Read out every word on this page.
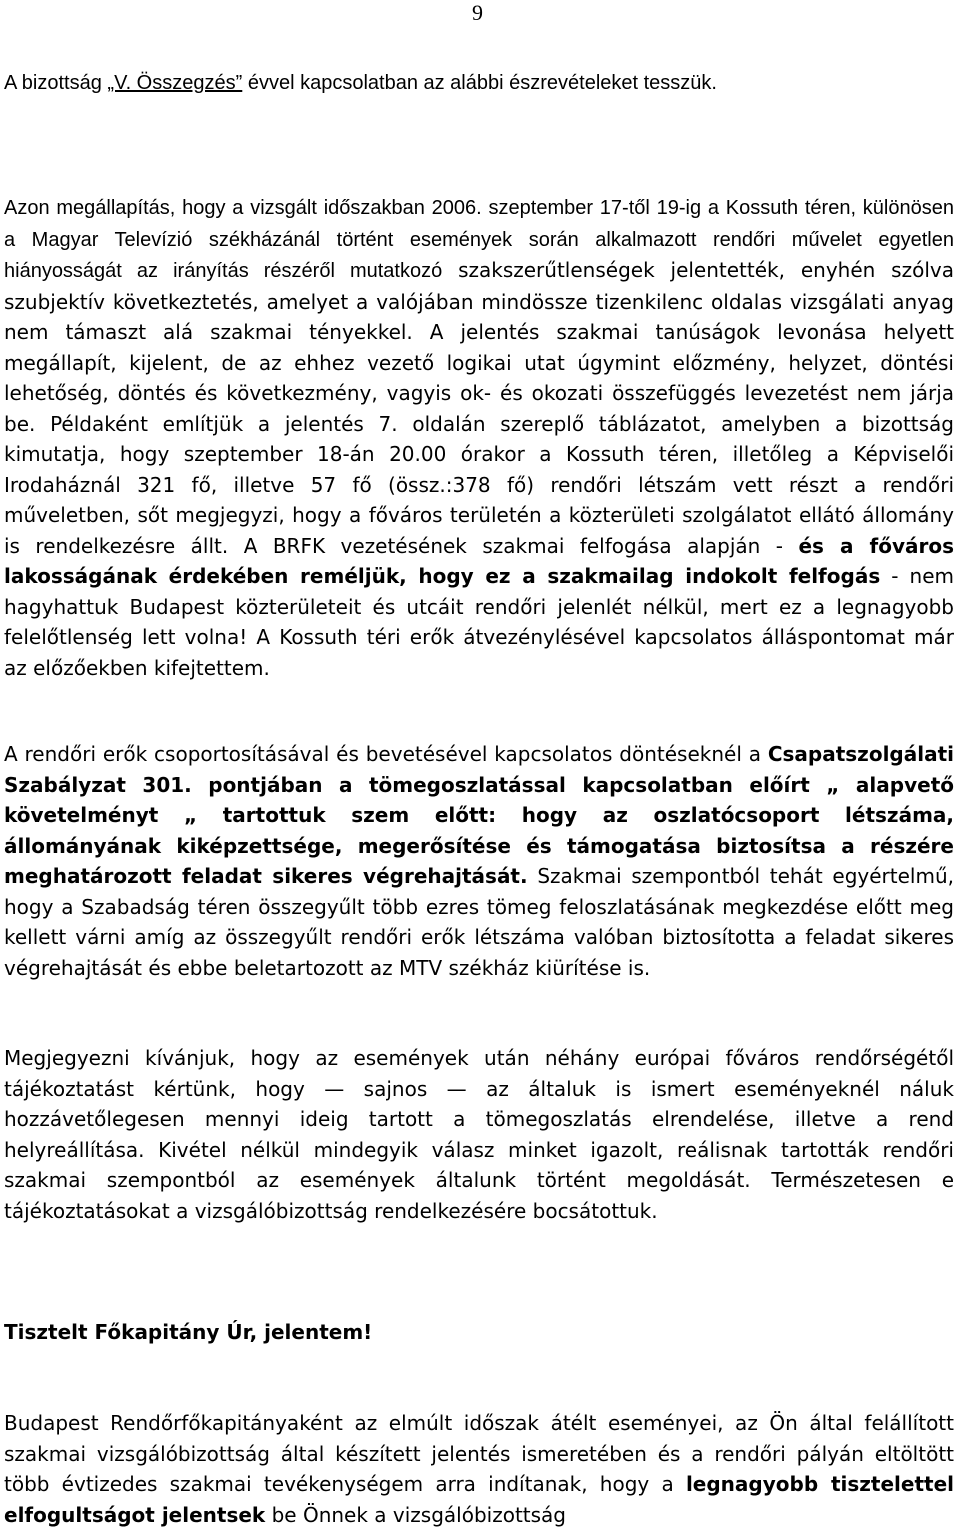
9

A bizottság „V. Összegzés” évvel kapcsolatban az alábbi észrevételeket tesszük.

Azon megállapítás, hogy a vizsgált időszakban 2006. szeptember 17-től 19-ig a Kossuth téren, különösen a Magyar Televízió székházánál történt események során alkalmazott rendőri művelet egyetlen hiányosságát az irányítás részéről mutatkozó szakszerűtlenségek jelentették, enyhén szólva szubjektív következtetés, amelyet a valójában mindössze tizenkilenc oldalas vizsgálati anyag nem támaszt alá szakmai tényekkel. A jelentés szakmai tanúságok levonása helyett megállapít, kijelent, de az ehhez vezető logikai utat úgymint előzmény, helyzet, döntési lehetőség, döntés és következmény, vagyis ok- és okozati összefüggés levezetést nem járja be. Példaként említjük a jelentés 7. oldalán szereplő táblázatot, amelyben a bizottság kimutatja, hogy szeptember 18-án 20.00 órakor a Kossuth téren, illetőleg a Képviselői Irodaháznál 321 fő, illetve 57 fő (össz.:378 fő) rendőri létszám vett részt a rendőri műveletben, sőt megjegyzi, hogy a főváros területén a közterületi szolgálatot ellátó állomány is rendelkezésre állt. A BRFK vezetésének szakmai felfogása alapján - és a főváros lakosságának érdekében reméljük, hogy ez a szakmailag indokolt felfogás - nem hagyhattuk Budapest közterületeit és utcáit rendőri jelenlét nélkül, mert ez a legnagyobb felelőtlenség lett volna! A Kossuth téri erők átvezénylésével kapcsolatos álláspontomat már az előzőekben kifejtettem.

A rendőri erők csoportosításával és bevetésével kapcsolatos döntéseknél a Csapatszolgálati Szabályzat 301. pontjában a tömegoszlatással kapcsolatban előírt „ alapvető követelményt „ tartottuk szem előtt: hogy az oszlatócsoport létszáma, állományának kiképzettsége, megerősítése és támogatása biztosítsa a részére meghatározott feladat sikeres végrehajtását. Szakmai szempontból tehát egyértelmű, hogy a Szabadság téren összegyűlt több ezres tömeg feloszlatásának megkezdése előtt meg kellett várni amíg az összegyűlt rendőri erők létszáma valóban biztosította a feladat sikeres végrehajtását és ebbe beletartozott az MTV székház kiürítése is.

Megjegyezni kívánjuk, hogy az események után néhány európai főváros rendőrségétől tájékoztatást kértünk, hogy — sajnos — az általuk is ismert eseményeknél náluk hozzávetőlegesen mennyi ideig tartott a tömegoszlatás elrendelése, illetve a rend helyreállítása. Kivétel nélkül mindegyik válasz minket igazolt, reálisnak tartották rendőri szakmai szempontból az események általunk történt megoldását. Természetesen e tájékoztatásokat a vizsgálóbizottság rendelkezésére bocsátottuk.

Tisztelt Főkapitány Úr, jelentem!

Budapest Rendőrfőkapitányaként az elmúlt időszak átélt eseményei, az Ön által felállított szakmai vizsgálóbizottság által készített jelentés ismeretében és a rendőri pályán eltöltött több évtizedes szakmai tevékenységem arra indítanak, hogy a legnagyobb tisztelettel elfogultságot jelentsek be Önnek a vizsgálóbizottság
